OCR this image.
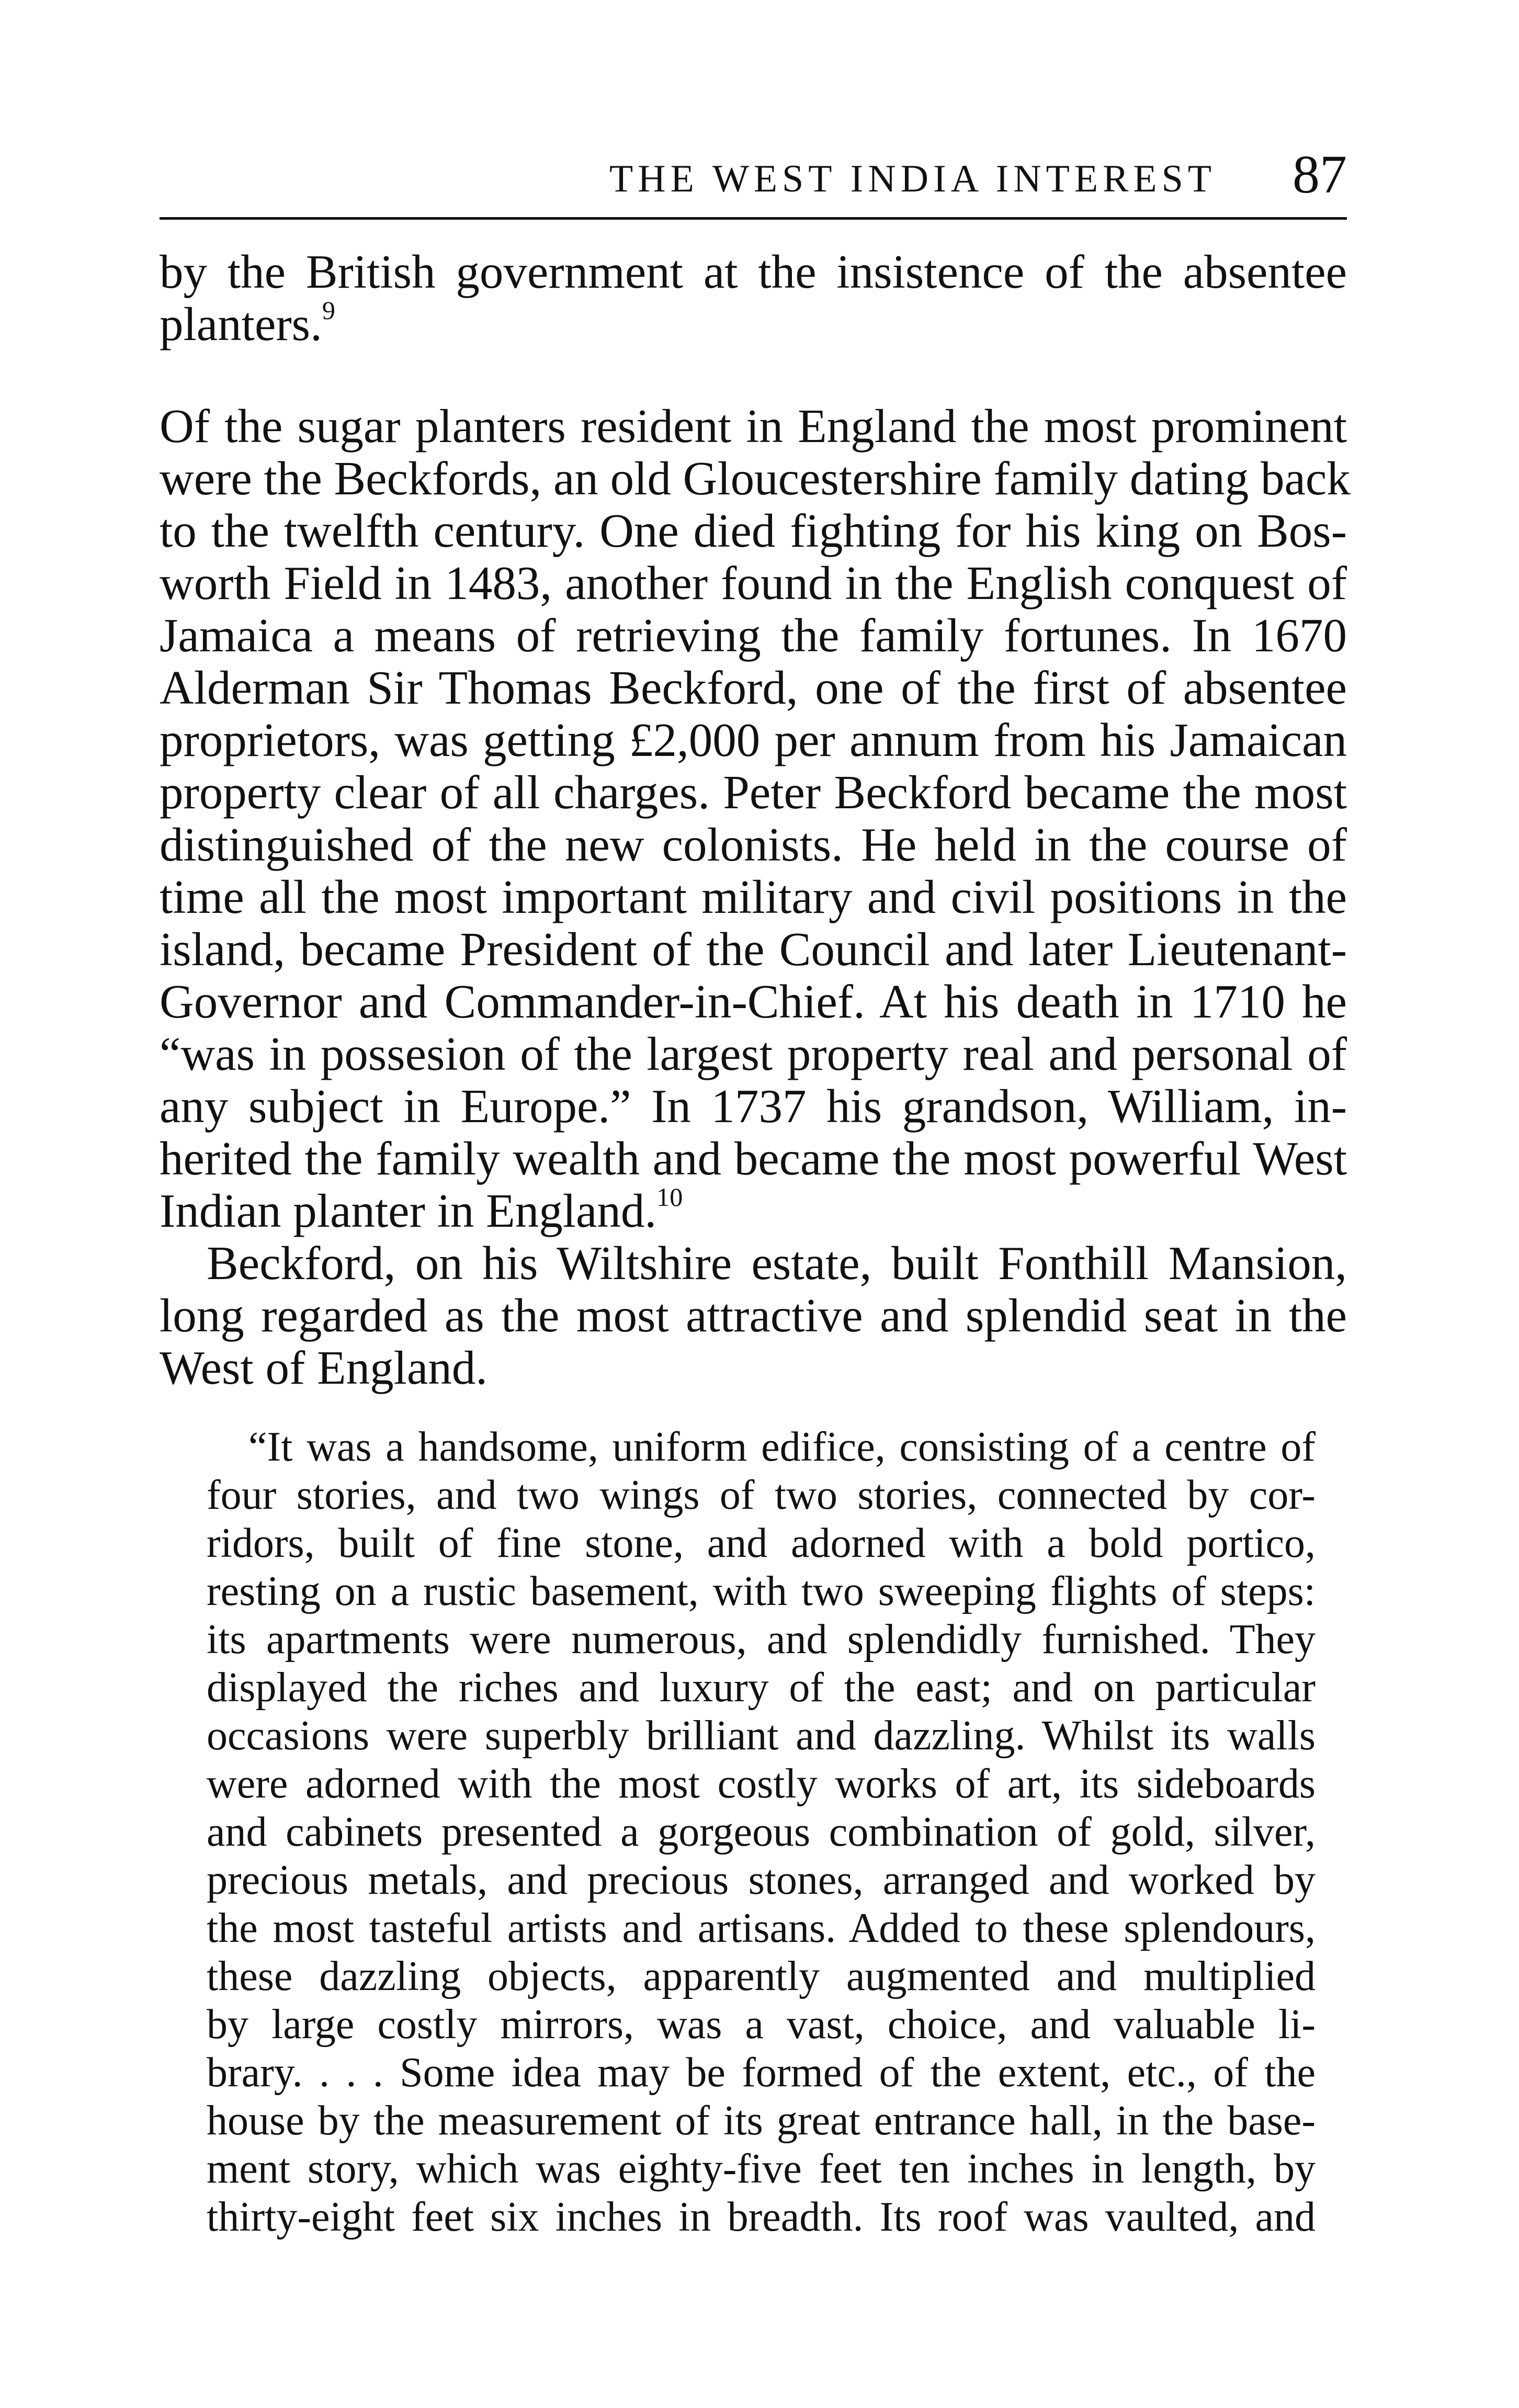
THE WEST INDIA INTEREST 87
by the British government at the insistence of the absentee
planters.$^9$
Of the sugar planters resident in England the most prominent
were the Beckfords, an old Gloucestershire family dating back
to the twelfth century. One died fighting for his king on Bos-
worth Field in 1483, another found in the English conquest of
Jamaica a means of retrieving the family fortunes. In 1670
Alderman Sir Thomas Beckford, one of the first of absentee
proprietors, was getting £2,000 per annum from his Jamaican
property clear of all charges. Peter Beckford became the most
distinguished of the new colonists. He held in the course of
time all the most important military and civil positions in the
island, became President of the Council and later Lieutenant-
Governor and Commander-in-Chief. At his death in 1710 he
“was in possesion of the largest property real and personal of
any subject in Europe.” In 1737 his grandson, William, in-
herited the family wealth and became the most powerful West
Indian planter in England.$^{10}$
Beckford, on his Wiltshire estate, built Fonthill Mansion,
long regarded as the most attractive and splendid seat in the
West of England.
“It was a handsome, uniform edifice, consisting of a centre of
four stories, and two wings of two stories, connected by cor-
ridors, built of fine stone, and adorned with a bold portico,
resting on a rustic basement, with two sweeping flights of steps:
its apartments were numerous, and splendidly furnished. They
displayed the riches and luxury of the east; and on particular
occasions were superbly brilliant and dazzling. Whilst its walls
were adorned with the most costly works of art, its sideboards
and cabinets presented a gorgeous combination of gold, silver,
precious metals, and precious stones, arranged and worked by
the most tasteful artists and artisans. Added to these splendours,
these dazzling objects, apparently augmented and multiplied
by large costly mirrors, was a vast, choice, and valuable li-
brary. . . . Some idea may be formed of the extent, etc., of the
house by the measurement of its great entrance hall, in the base-
ment story, which was eighty-five feet ten inches in length, by
thirty-eight feet six inches in breadth. Its roof was vaulted, and
